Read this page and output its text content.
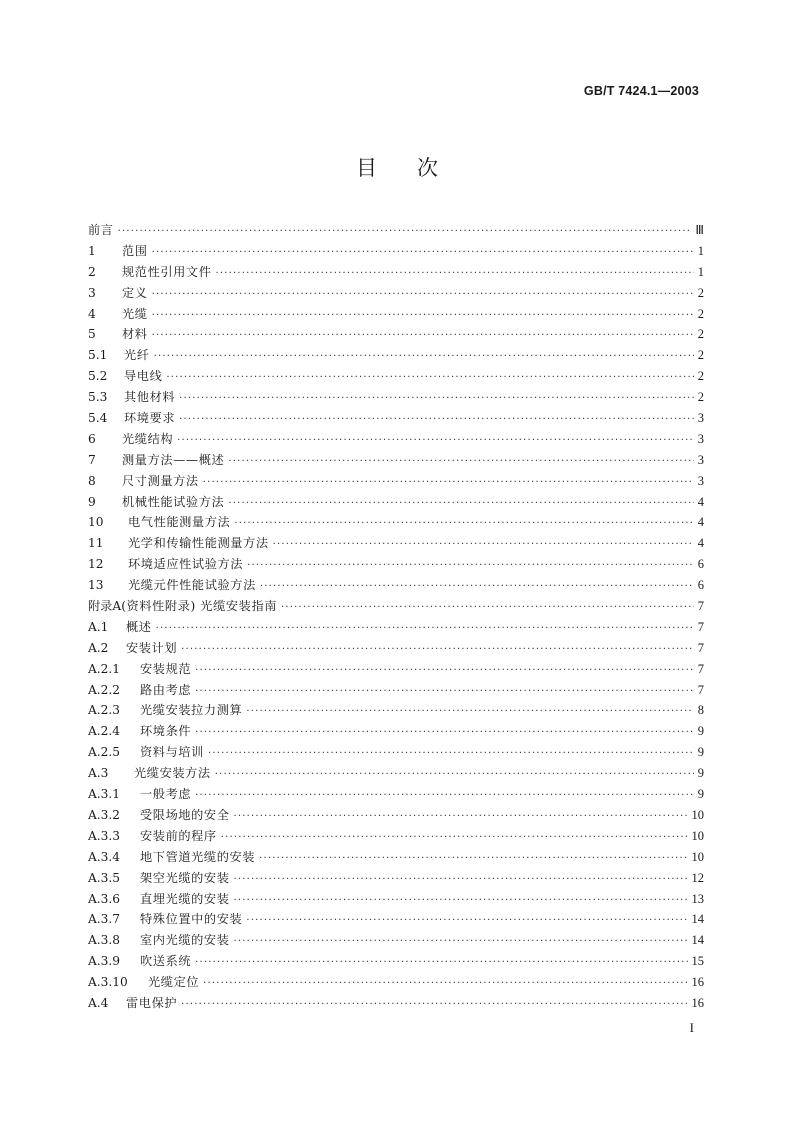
GB/T 7424.1—2003
目 次
前言 ·····	Ⅲ
1	范围 ·····	1
2	规范性引用文件 ·····	1
3	定义 ·····	2
4	光缆 ·····	2
5	材料 ·····	2
5.1	光纤 ·····	2
5.2	导电线 ·····	2
5.3	其他材料 ·····	2
5.4	环境要求 ·····	3
6	光缆结构 ·····	3
7	测量方法——概述 ·····	3
8	尺寸测量方法 ·····	3
9	机械性能试验方法 ·····	4
10	电气性能测量方法 ·····	4
11	光学和传输性能测量方法 ·····	4
12	环境适应性试验方法 ·····	6
13	光缆元件性能试验方法 ·····	6
附录A (资料性附录) 光缆安装指南 ·····	7
A.1	概述 ·····	7
A.2	安装计划 ·····	7
A.2.1	安装规范 ·····	7
A.2.2	路由考虑 ·····	7
A.2.3	光缆安装拉力测算 ·····	8
A.2.4	环境条件 ·····	9
A.2.5	资料与培训 ·····	9
A.3	光缆安装方法 ·····	9
A.3.1	一般考虑 ·····	9
A.3.2	受限场地的安全 ·····	10
A.3.3	安装前的程序 ·····	10
A.3.4	地下管道光缆的安装 ·····	10
A.3.5	架空光缆的安装 ·····	12
A.3.6	直埋光缆的安装 ·····	13
A.3.7	特殊位置中的安装 ·····	14
A.3.8	室内光缆的安装 ·····	14
A.3.9	吹送系统 ·····	15
A.3.10	光缆定位 ·····	16
A.4	雷电保护 ·····	16
I
